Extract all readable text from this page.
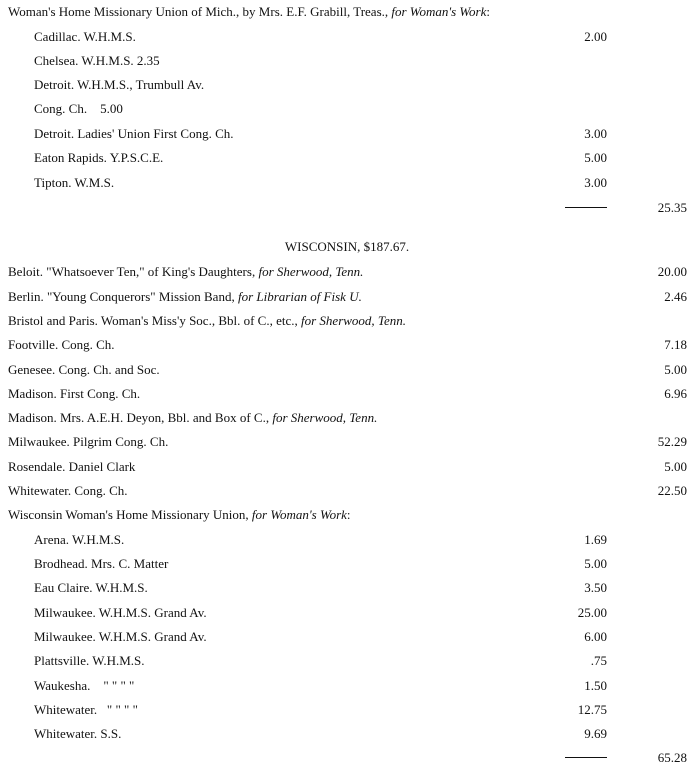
Woman's Home Missionary Union of Mich., by Mrs. E.F. Grabill, Treas., for Woman's Work:
Cadillac. W.H.M.S.	2.00
Chelsea. W.H.M.S. 2.35
Detroit. W.H.M.S., Trumbull Av.
Cong. Ch.    5.00
Detroit. Ladies' Union First Cong. Ch.	3.00
Eaton Rapids. Y.P.S.C.E.	5.00
Tipton. W.M.S.	3.00
25.35
WISCONSIN, $187.67.
Beloit. "Whatsoever Ten," of King's Daughters, for Sherwood, Tenn.	20.00
Berlin. "Young Conquerors" Mission Band, for Librarian of Fisk U.	2.46
Bristol and Paris. Woman's Miss'y Soc., Bbl. of C., etc., for Sherwood, Tenn.
Footville. Cong. Ch.	7.18
Genesee. Cong. Ch. and Soc.	5.00
Madison. First Cong. Ch.	6.96
Madison. Mrs. A.E.H. Deyon, Bbl. and Box of C., for Sherwood, Tenn.
Milwaukee. Pilgrim Cong. Ch.	52.29
Rosendale. Daniel Clark	5.00
Whitewater. Cong. Ch.	22.50
Wisconsin Woman's Home Missionary Union, for Woman's Work:
Arena. W.H.M.S.	1.69
Brodhead. Mrs. C. Matter	5.00
Eau Claire. W.H.M.S.	3.50
Milwaukee. W.H.M.S. Grand Av.	25.00
Milwaukee. W.H.M.S. Grand Av.	6.00
Plattsville. W.H.M.S.	.75
Waukesha.    " " " "	1.50
Whitewater.   " " " "	12.75
Whitewater. S.S.	9.69
65.28
